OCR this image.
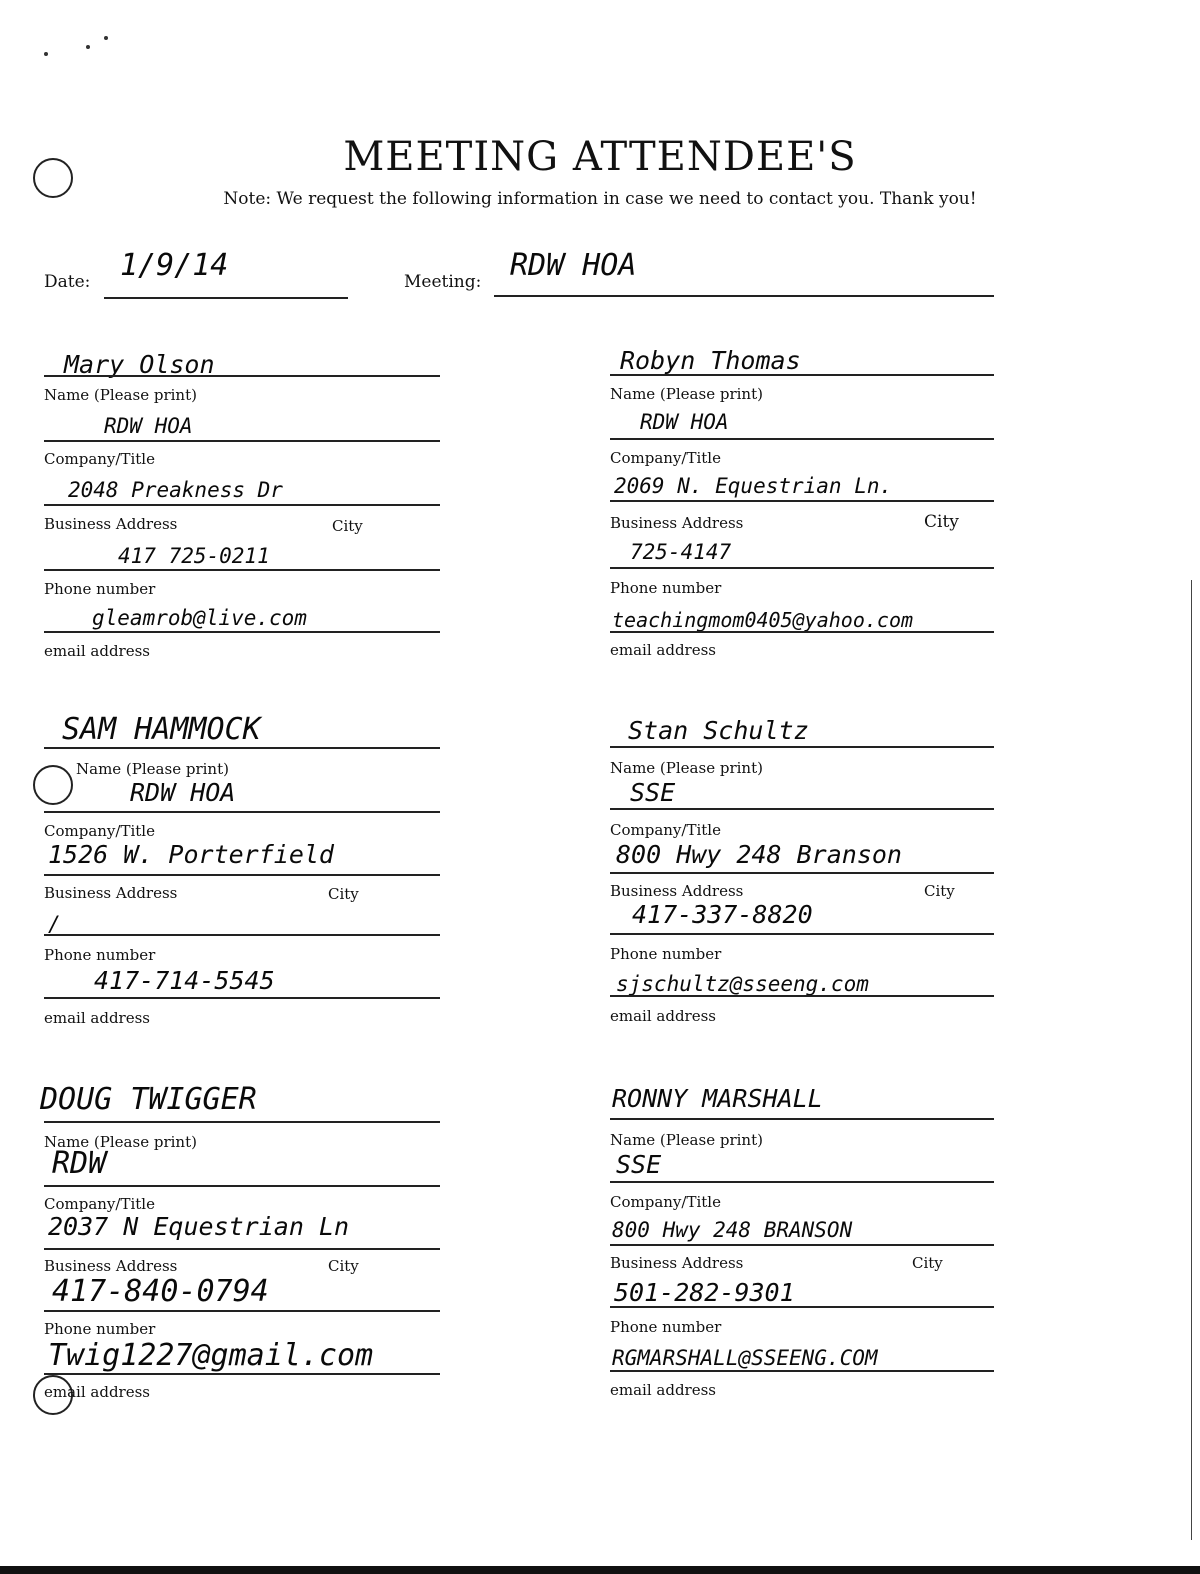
MEETING ATTENDEE'S
Note: We request the following information in case we need to contact you. Thank you!
Date: 1/9/14	Meeting: RDW HOA
Mary Olson
Name (Please print)
RDW HOA
Company/Title
2048 Preakness Dr
Business Address	City
417 725-0211
Phone number
gleamrob@live.com
email address
Robyn Thomas
Name (Please print)
RDW HOA
Company/Title
2069 N. Equestrian Ln.
Business Address	City
725-4147
Phone number
teachingmom0405@yahoo.com
email address
SAM HAMMOCK
Name (Please print)
RDW HOA
Company/Title
1526 W. Porterfield
Business Address	City
/
Phone number
417-714-5545
email address
Stan Schultz
Name (Please print)
SSE
Company/Title
800 Hwy 248 Branson
Business Address	City
417-337-8820
Phone number
sjschultz@sseeng.com
email address
DOUG TWIGGER
Name (Please print)
RDW
Company/Title
2037 N Equestrian Ln
Business Address	City
417-840-0794
Phone number
Twig1227@gmail.com
email address
RONNY MARSHALL
Name (Please print)
SSE
Company/Title
800 Hwy 248 BRANSON
Business Address	City
501-282-9301
Phone number
RGMARSHALL@SSEENG.COM
email address
